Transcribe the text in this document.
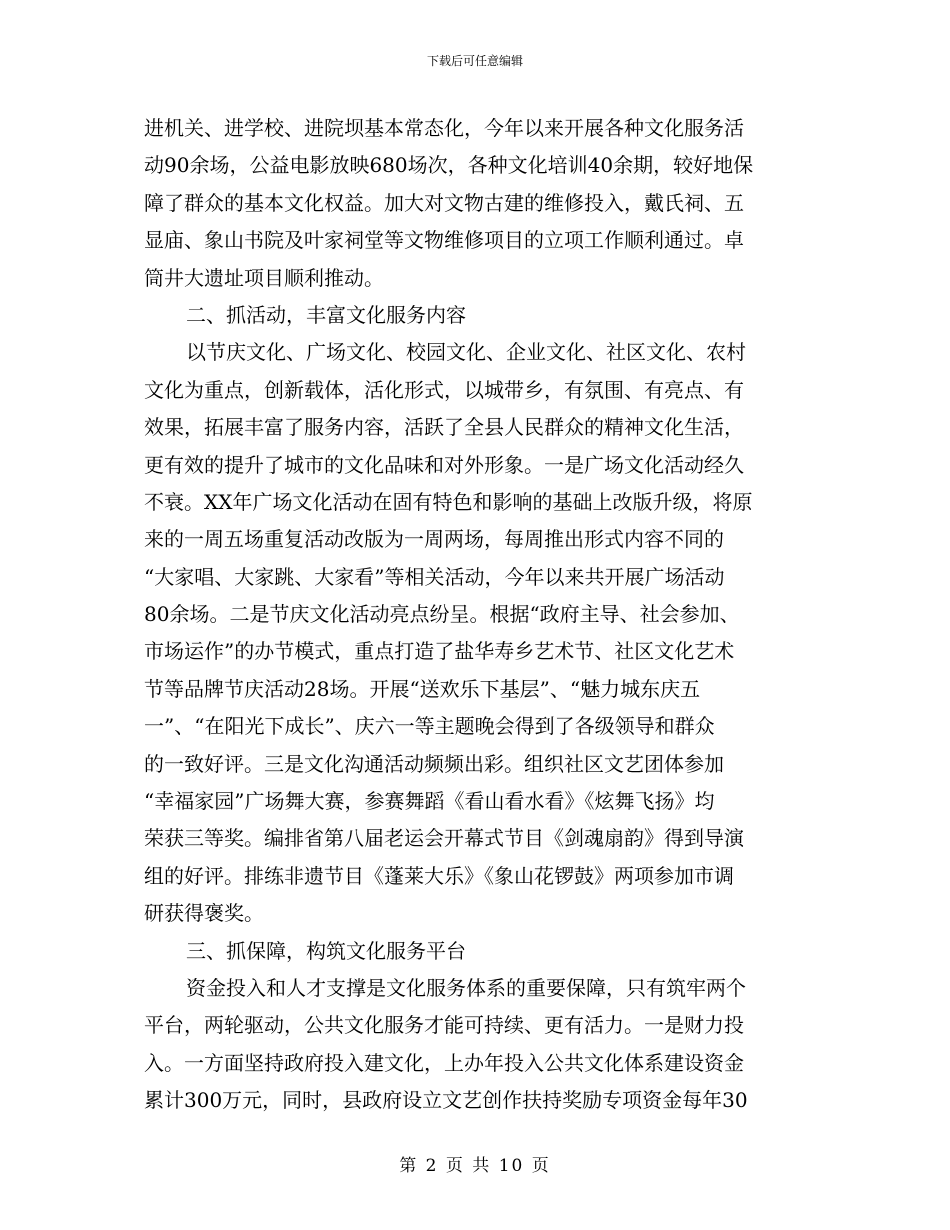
下载后可任意编辑
进机关、进学校、进院坝基本常态化，今年以来开展各种文化服务活
动90余场，公益电影放映680场次，各种文化培训40余期，较好地保
障了群众的基本文化权益。加大对文物古建的维修投入，戴氏祠、五
显庙、象山书院及叶家祠堂等文物维修项目的立项工作顺利通过。卓
筒井大遗址项目顺利推动。
二、抓活动，丰富文化服务内容
以节庆文化、广场文化、校园文化、企业文化、社区文化、农村
文化为重点，创新载体，活化形式，以城带乡，有氛围、有亮点、有
效果，拓展丰富了服务内容，活跃了全县人民群众的精神文化生活，
更有效的提升了城市的文化品味和对外形象。一是广场文化活动经久
不衰。XX年广场文化活动在固有特色和影响的基础上改版升级，将原
来的一周五场重复活动改版为一周两场，每周推出形式内容不同的
“大家唱、大家跳、大家看”等相关活动，今年以来共开展广场活动
80余场。二是节庆文化活动亮点纷呈。根据“政府主导、社会参加、
市场运作”的办节模式，重点打造了盐华寿乡艺术节、社区文化艺术
节等品牌节庆活动28场。开展“送欢乐下基层”、“魅力城东庆五
一”、“在阳光下成长”、庆六一等主题晚会得到了各级领导和群众
的一致好评。三是文化沟通活动频频出彩。组织社区文艺团体参加
“幸福家园”广场舞大赛，参赛舞蹈《看山看水看》《炫舞飞扬》均
荣获三等奖。编排省第八届老运会开幕式节目《剑魂扇韵》得到导演
组的好评。排练非遗节目《蓬莱大乐》《象山花锣鼓》两项参加市调
研获得褒奖。
三、抓保障，构筑文化服务平台
资金投入和人才支撑是文化服务体系的重要保障，只有筑牢两个
平台，两轮驱动，公共文化服务才能可持续、更有活力。一是财力投
入。一方面坚持政府投入建文化，上办年投入公共文化体系建设资金
累计300万元，同时，县政府设立文艺创作扶持奖励专项资金每年30
第 2 页 共 10 页
